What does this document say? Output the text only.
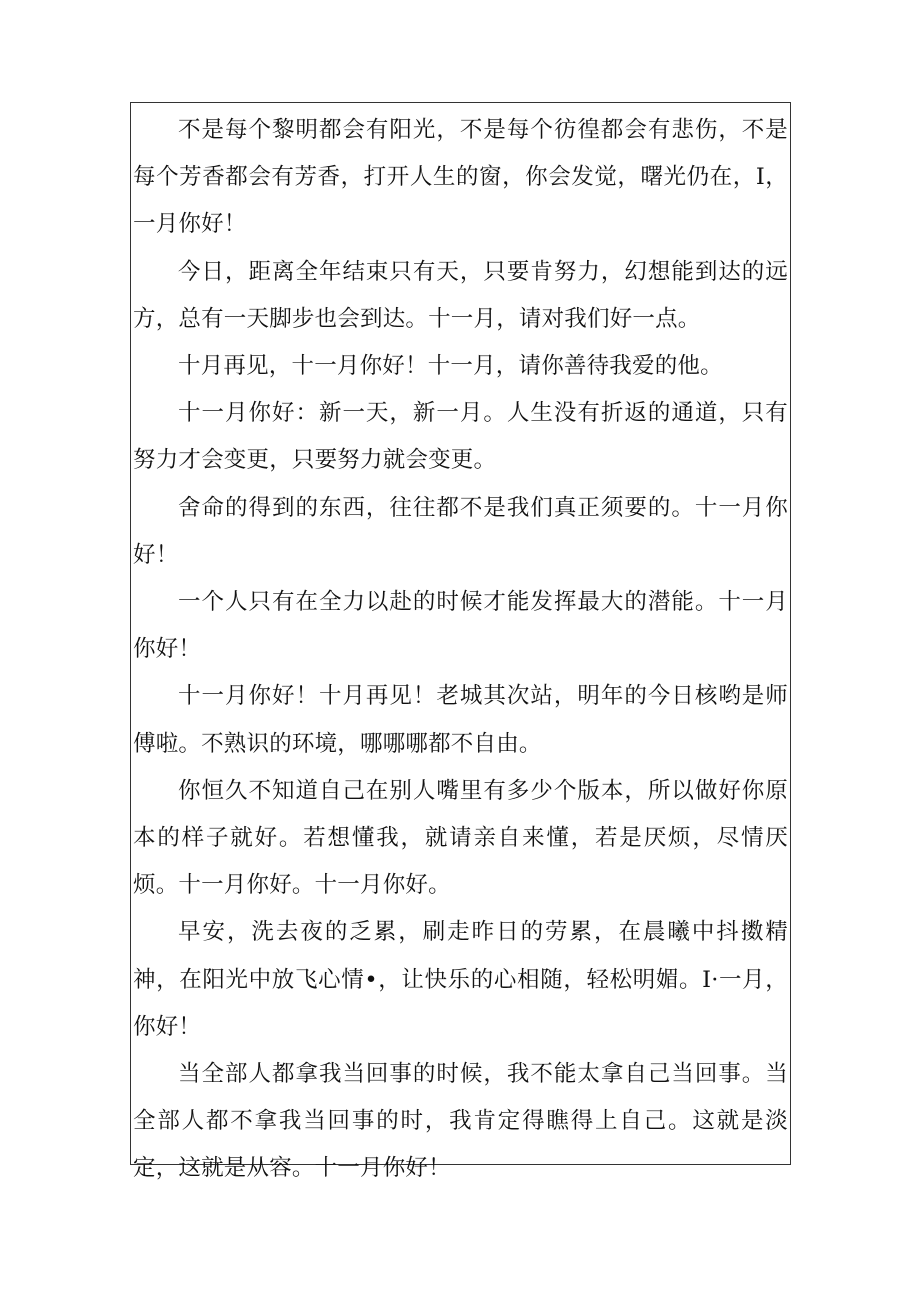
不是每个黎明都会有阳光，不是每个彷徨都会有悲伤，不是每个芳香都会有芳香，打开人生的窗，你会发觉，曙光仍在，I，一月你好！

今日，距离全年结束只有天，只要肯努力，幻想能到达的远方，总有一天脚步也会到达。十一月，请对我们好一点。

十月再见，十一月你好！十一月，请你善待我爱的他。

十一月你好：新一天，新一月。人生没有折返的通道，只有努力才会变更，只要努力就会变更。

舍命的得到的东西，往往都不是我们真正须要的。十一月你好！

一个人只有在全力以赴的时候才能发挥最大的潜能。十一月你好！

十一月你好！十月再见！老城其次站，明年的今日核哟是师傅啦。不熟识的环境，哪哪哪都不自由。

你恒久不知道自己在别人嘴里有多少个版本，所以做好你原本的样子就好。若想懂我，就请亲自来懂，若是厌烦，尽情厌烦。十一月你好。十一月你好。

早安，洗去夜的乏累，刷走昨日的劳累，在晨曦中抖擞精神，在阳光中放飞心情•，让快乐的心相随，轻松明媚。I·一月，你好！

当全部人都拿我当回事的时候，我不能太拿自己当回事。当全部人都不拿我当回事的时，我肯定得瞧得上自己。这就是淡定，这就是从容。十一月你好！
